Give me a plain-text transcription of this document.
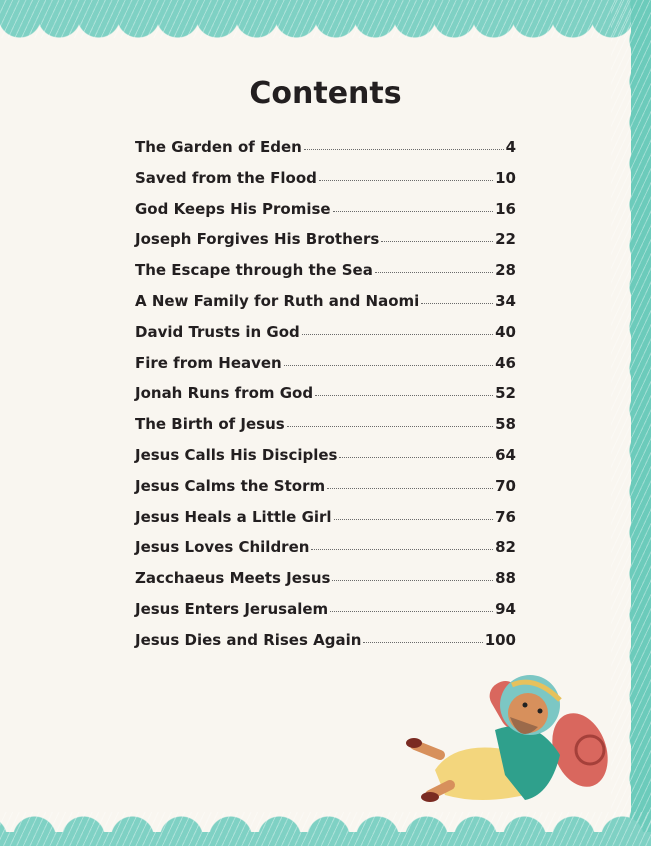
Contents
The Garden of Eden	4
Saved from the Flood	10
God Keeps His Promise	16
Joseph Forgives His Brothers	22
The Escape through the Sea	28
A New Family for Ruth and Naomi	34
David Trusts in God	40
Fire from Heaven	46
Jonah Runs from God	52
The Birth of Jesus	58
Jesus Calls His Disciples	64
Jesus Calms the Storm	70
Jesus Heals a Little Girl	76
Jesus Loves Children	82
Zacchaeus Meets Jesus	88
Jesus Enters Jerusalem	94
Jesus Dies and Rises Again	100
